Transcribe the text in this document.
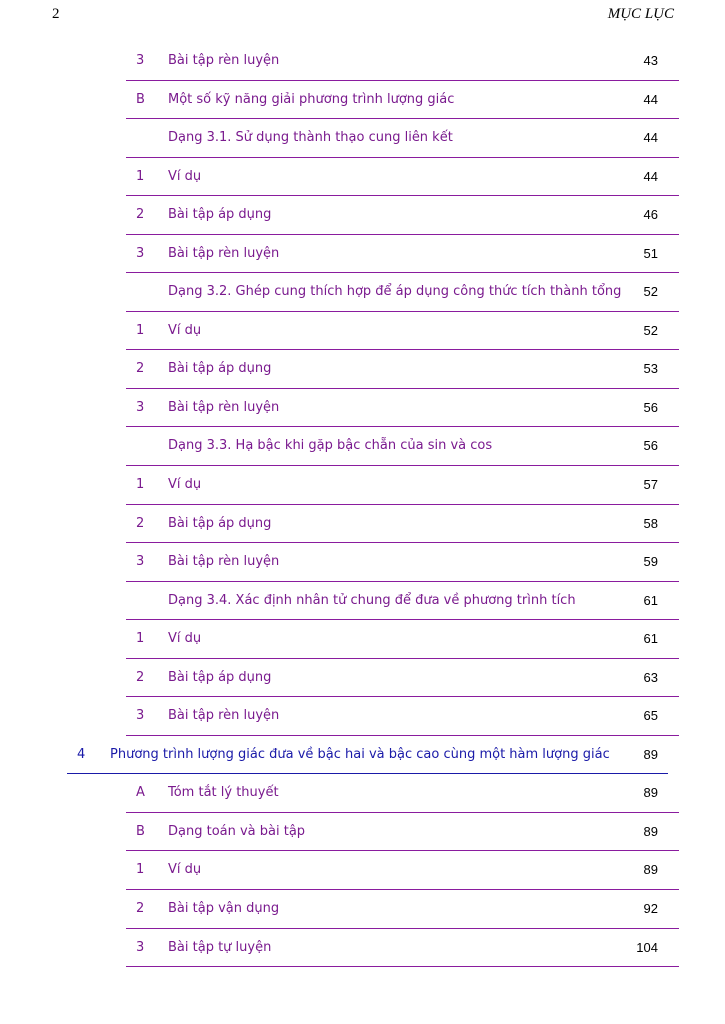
2	MỤC LỤC
3 Bài tập rèn luyện	43
B Một số kỹ năng giải phương trình lượng giác	44
Dạng 3.1. Sử dụng thành thạo cung liên kết	44
1 Ví dụ	44
2 Bài tập áp dụng	46
3 Bài tập rèn luyện	51
Dạng 3.2. Ghép cung thích hợp để áp dụng công thức tích thành tổng 52
1 Ví dụ	52
2 Bài tập áp dụng	53
3 Bài tập rèn luyện	56
Dạng 3.3. Hạ bậc khi gặp bậc chẵn của sin và cos	56
1 Ví dụ	57
2 Bài tập áp dụng	58
3 Bài tập rèn luyện	59
Dạng 3.4. Xác định nhân tử chung để đưa về phương trình tích	61
1 Ví dụ	61
2 Bài tập áp dụng	63
3 Bài tập rèn luyện	65
4 Phương trình lượng giác đưa về bậc hai và bậc cao cùng một hàm lượng giác	89
A Tóm tắt lý thuyết	89
B Dạng toán và bài tập	89
1 Ví dụ	89
2 Bài tập vận dụng	92
3 Bài tập tự luyện	104
